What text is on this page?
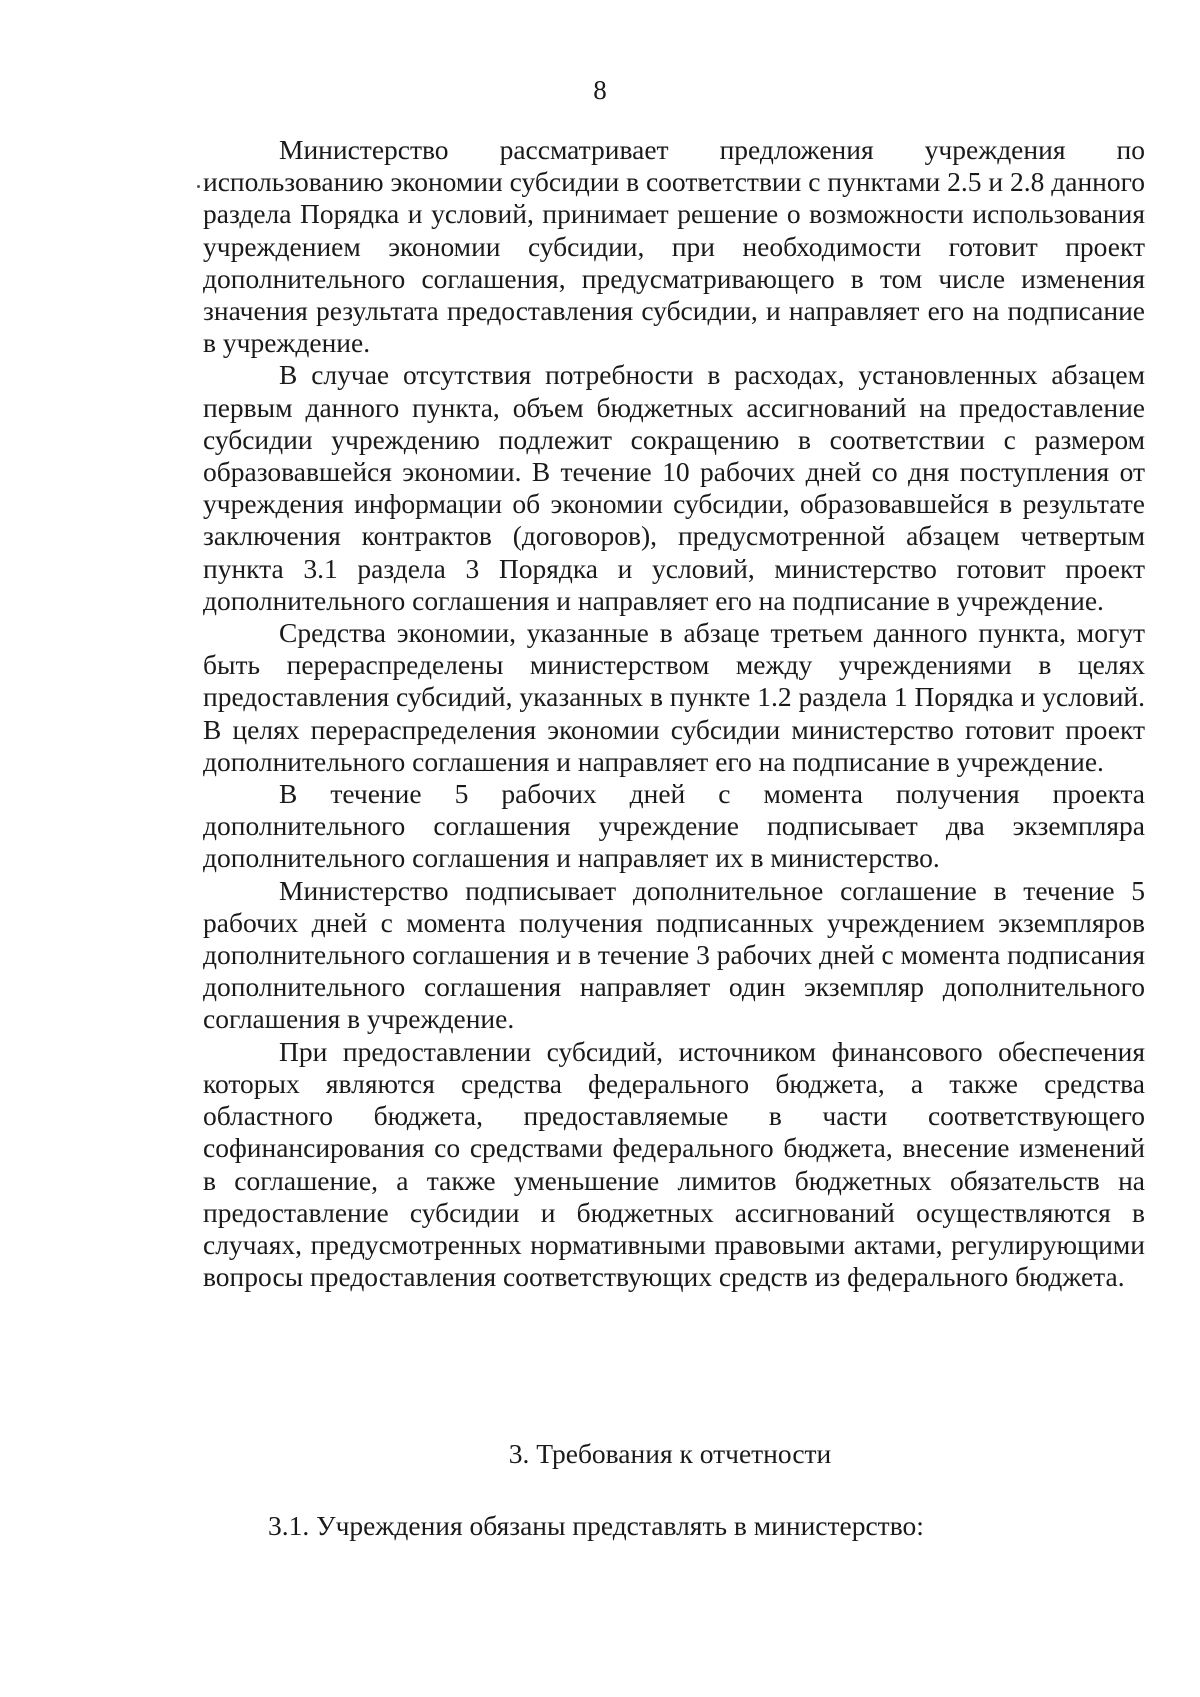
8

Министерство рассматривает предложения учреждения по использованию экономии субсидии в соответствии с пунктами 2.5 и 2.8 данного раздела Порядка и условий, принимает решение о возможности использования учреждением экономии субсидии, при необходимости готовит проект дополнительного соглашения, предусматривающего в том числе изменения значения результата предоставления субсидии, и направляет его на подписание в учреждение.

В случае отсутствия потребности в расходах, установленных абзацем первым данного пункта, объем бюджетных ассигнований на предоставление субсидии учреждению подлежит сокращению в соответствии с размером образовавшейся экономии. В течение 10 рабочих дней со дня поступления от учреждения информации об экономии субсидии, образовавшейся в результате заключения контрактов (договоров), предусмотренной абзацем четвертым пункта 3.1 раздела 3 Порядка и условий, министерство готовит проект дополнительного соглашения и направляет его на подписание в учреждение.

Средства экономии, указанные в абзаце третьем данного пункта, могут быть перераспределены министерством между учреждениями в целях предоставления субсидий, указанных в пункте 1.2 раздела 1 Порядка и условий. В целях перераспределения экономии субсидии министерство готовит проект дополнительного соглашения и направляет его на подписание в учреждение.

В течение 5 рабочих дней с момента получения проекта дополнительного соглашения учреждение подписывает два экземпляра дополнительного соглашения и направляет их в министерство.

Министерство подписывает дополнительное соглашение в течение 5 рабочих дней с момента получения подписанных учреждением экземпляров дополнительного соглашения и в течение 3 рабочих дней с момента подписания дополнительного соглашения направляет один экземпляр дополнительного соглашения в учреждение.

При предоставлении субсидий, источником финансового обеспечения которых являются средства федерального бюджета, а также средства областного бюджета, предоставляемые в части соответствующего софинансирования со средствами федерального бюджета, внесение изменений в соглашение, а также уменьшение лимитов бюджетных обязательств на предоставление субсидии и бюджетных ассигнований осуществляются в случаях, предусмотренных нормативными правовыми актами, регулирующими вопросы предоставления соответствующих средств из федерального бюджета.

3. Требования к отчетности
3.1. Учреждения обязаны представлять в министерство:
